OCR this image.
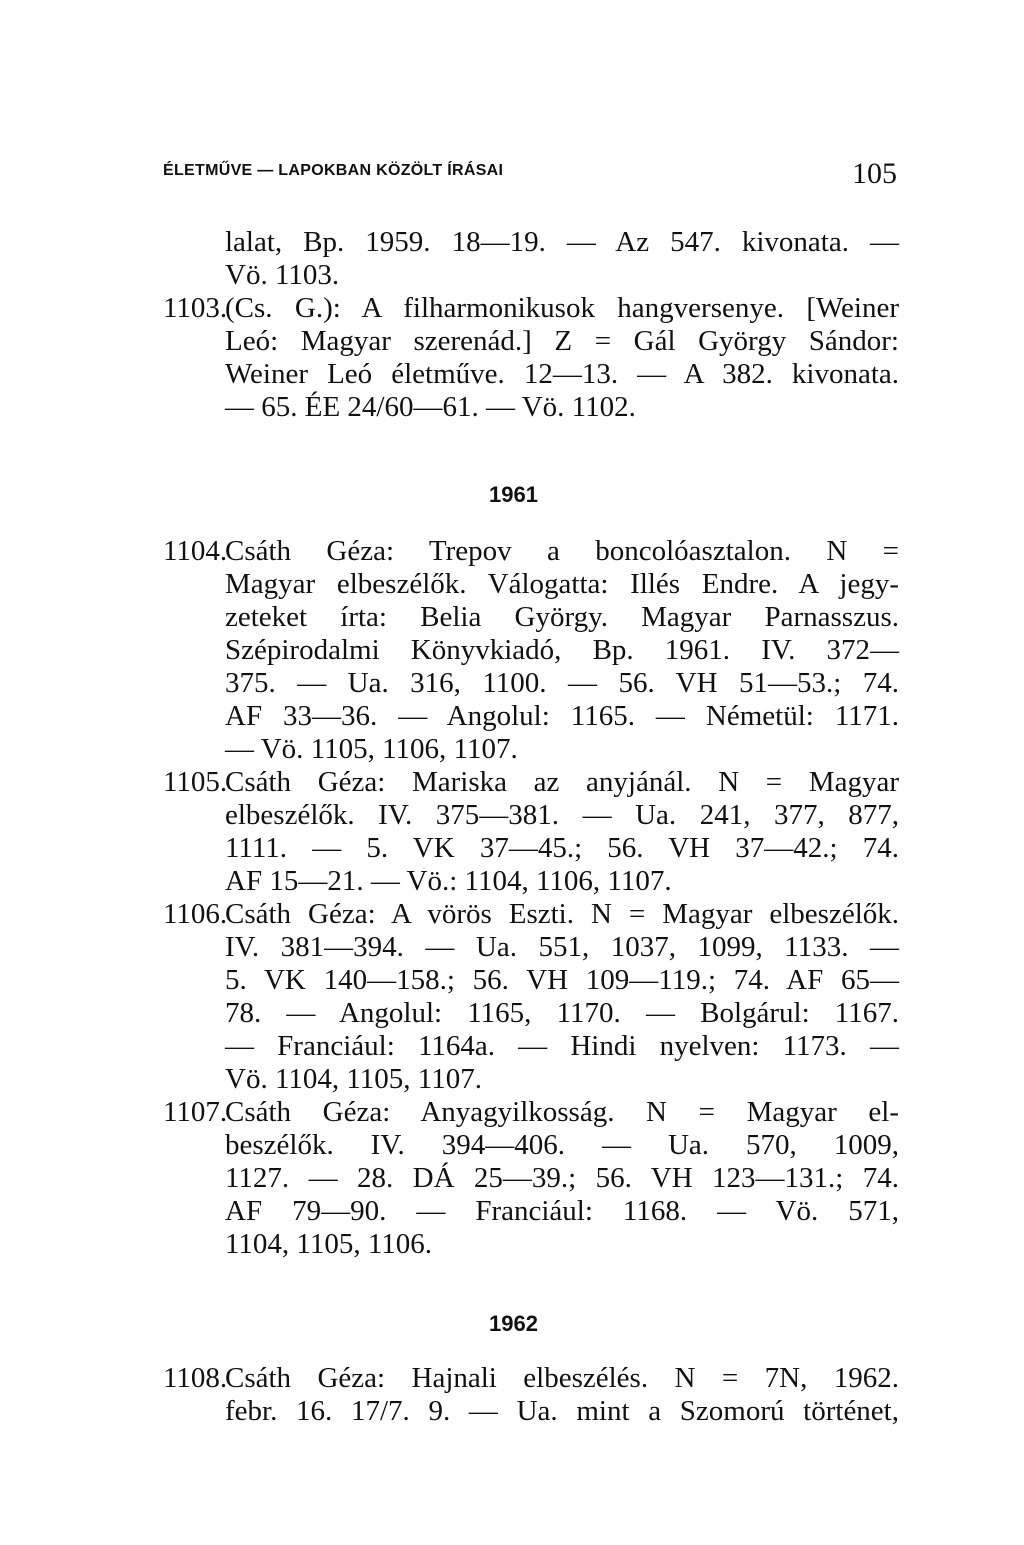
ÉLETMŰVE — LAPOKBAN KÖZÖLT ÍRÁSAI	105
lalat, Bp. 1959. 18—19. — Az 547. kivonata. —
Vö. 1103.
1103.
(Cs. G.): A filharmonikusok hangversenye. [Weiner
Leó: Magyar szerenád.] Z = Gál György Sándor:
Weiner Leó életműve. 12—13. — A 382. kivonata.
— 65. ÉE 24/60—61. — Vö. 1102.
1961
1104.
Csáth Géza: Trepov a boncolóasztalon. N =
Magyar elbeszélők. Válogatta: Illés Endre. A jegy-
zeteket írta: Belia György. Magyar Parnasszus.
Szépirodalmi Könyvkiadó, Bp. 1961. IV. 372—
375. — Ua. 316, 1100. — 56. VH 51—53.; 74.
AF 33—36. — Angolul: 1165. — Németül: 1171.
— Vö. 1105, 1106, 1107.
1105.
Csáth Géza: Mariska az anyjánál. N = Magyar
elbeszélők. IV. 375—381. — Ua. 241, 377, 877,
1111. — 5. VK 37—45.; 56. VH 37—42.; 74.
AF 15—21. — Vö.: 1104, 1106, 1107.
1106.
Csáth Géza: A vörös Eszti. N = Magyar elbeszélők.
IV. 381—394. — Ua. 551, 1037, 1099, 1133. —
5. VK 140—158.; 56. VH 109—119.; 74. AF 65—
78. — Angolul: 1165, 1170. — Bolgárul: 1167.
— Franciául: 1164a. — Hindi nyelven: 1173. —
Vö. 1104, 1105, 1107.
1107.
Csáth Géza: Anyagyilkosság. N = Magyar el-
beszélők. IV. 394—406. — Ua. 570, 1009,
1127. — 28. DÁ 25—39.; 56. VH 123—131.; 74.
AF 79—90. — Franciául: 1168. — Vö. 571,
1104, 1105, 1106.
1962
1108.
Csáth Géza: Hajnali elbeszélés. N = 7N, 1962.
febr. 16. 17/7. 9. — Ua. mint a Szomorú történet,
